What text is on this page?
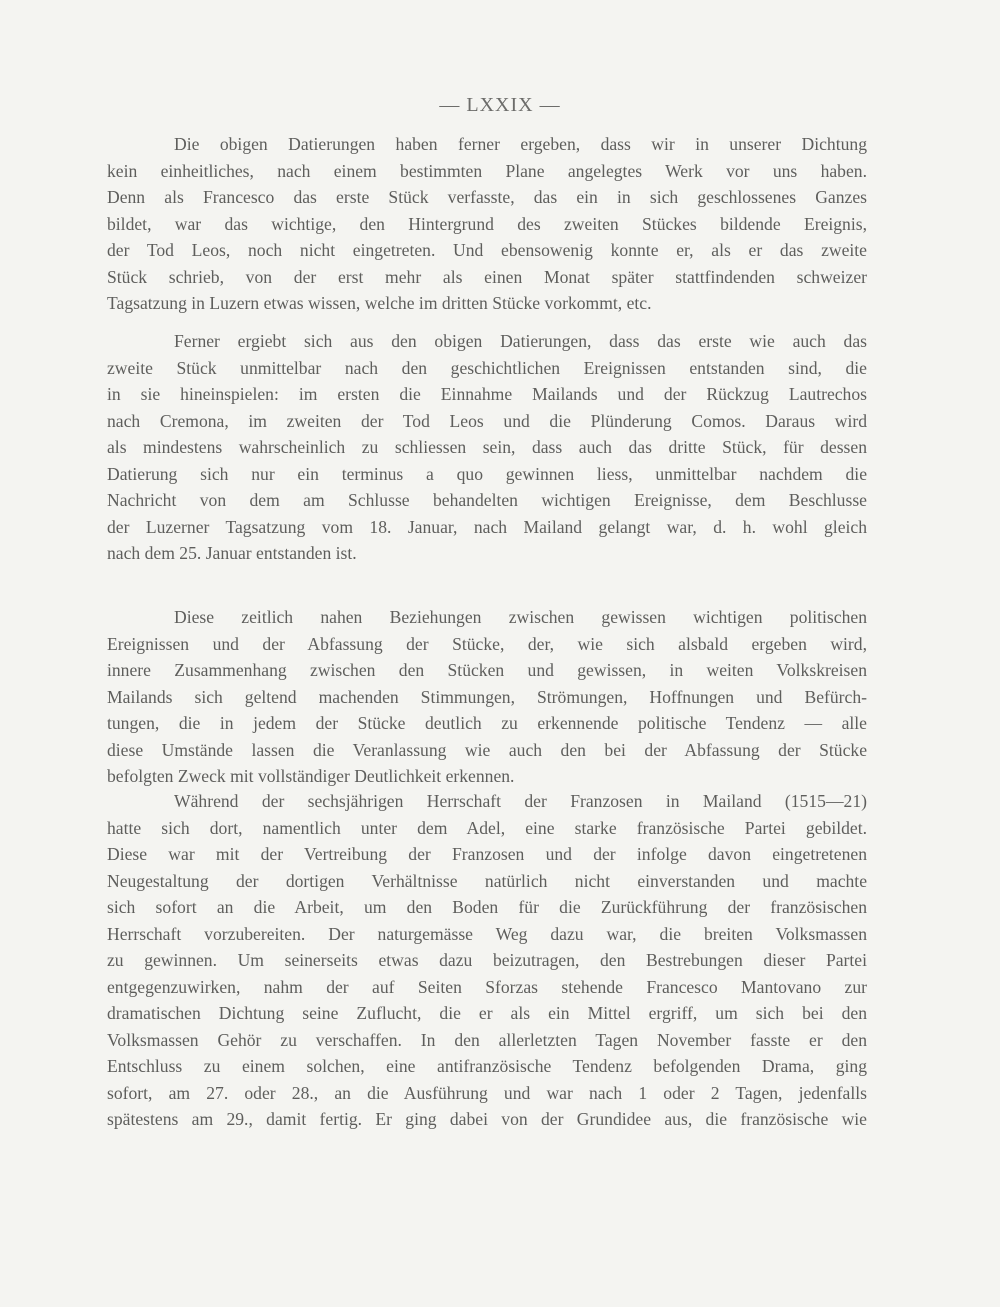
— LXXIX —
Die obigen Datierungen haben ferner ergeben, dass wir in unserer Dichtung
kein einheitliches, nach einem bestimmten Plane angelegtes Werk vor uns haben.
Denn als Francesco das erste Stück verfasste, das ein in sich geschlossenes Ganzes
bildet, war das wichtige, den Hintergrund des zweiten Stückes bildende Ereignis,
der Tod Leos, noch nicht eingetreten. Und ebensowenig konnte er, als er das zweite
Stück schrieb, von der erst mehr als einen Monat später stattfindenden schweizer
Tagsatzung in Luzern etwas wissen, welche im dritten Stücke vorkommt, etc.
Ferner ergiebt sich aus den obigen Datierungen, dass das erste wie auch das
zweite Stück unmittelbar nach den geschichtlichen Ereignissen entstanden sind, die
in sie hineinspielen: im ersten die Einnahme Mailands und der Rückzug Lautrechos
nach Cremona, im zweiten der Tod Leos und die Plünderung Comos. Daraus wird
als mindestens wahrscheinlich zu schliessen sein, dass auch das dritte Stück, für dessen
Datierung sich nur ein terminus a quo gewinnen liess, unmittelbar nachdem die
Nachricht von dem am Schlusse behandelten wichtigen Ereignisse, dem Beschlusse
der Luzerner Tagsatzung vom 18. Januar, nach Mailand gelangt war, d. h. wohl gleich
nach dem 25. Januar entstanden ist.
Diese zeitlich nahen Beziehungen zwischen gewissen wichtigen politischen
Ereignissen und der Abfassung der Stücke, der, wie sich alsbald ergeben wird,
innere Zusammenhang zwischen den Stücken und gewissen, in weiten Volkskreisen
Mailands sich geltend machenden Stimmungen, Strömungen, Hoffnungen und Befürch-
tungen, die in jedem der Stücke deutlich zu erkennende politische Tendenz — alle
diese Umstände lassen die Veranlassung wie auch den bei der Abfassung der Stücke
befolgten Zweck mit vollständiger Deutlichkeit erkennen.
Während der sechsjährigen Herrschaft der Franzosen in Mailand (1515—21)
hatte sich dort, namentlich unter dem Adel, eine starke französische Partei gebildet.
Diese war mit der Vertreibung der Franzosen und der infolge davon eingetretenen
Neugestaltung der dortigen Verhältnisse natürlich nicht einverstanden und machte
sich sofort an die Arbeit, um den Boden für die Zurückführung der französischen
Herrschaft vorzubereiten. Der naturgemässe Weg dazu war, die breiten Volksmassen
zu gewinnen. Um seinerseits etwas dazu beizutragen, den Bestrebungen dieser Partei
entgegenzuwirken, nahm der auf Seiten Sforzas stehende Francesco Mantovano zur
dramatischen Dichtung seine Zuflucht, die er als ein Mittel ergriff, um sich bei den
Volksmassen Gehör zu verschaffen. In den allerletzten Tagen November fasste er den
Entschluss zu einem solchen, eine antifranzösische Tendenz befolgenden Drama, ging
sofort, am 27. oder 28., an die Ausführung und war nach 1 oder 2 Tagen, jedenfalls
spätestens am 29., damit fertig. Er ging dabei von der Grundidee aus, die französische wie
